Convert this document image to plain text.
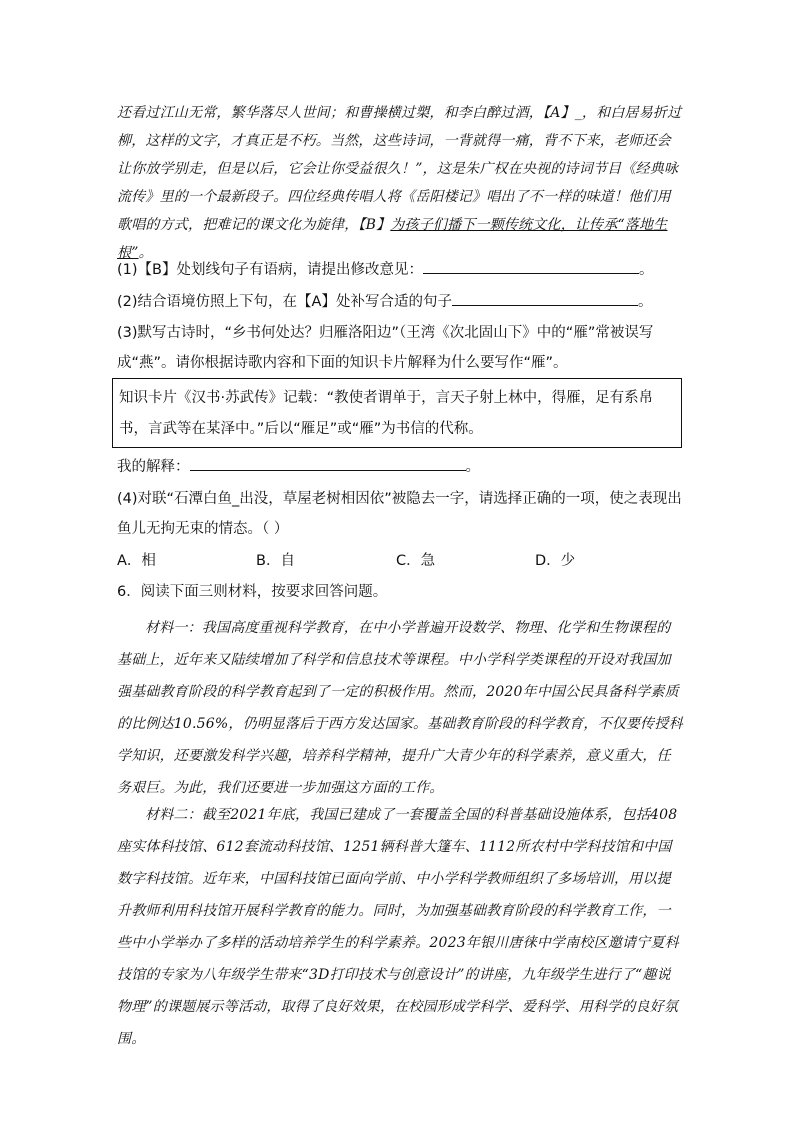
还看过江山无常，繁华落尽人世间；和曹操横过槊，和李白醉过酒，【A】_，和白居易折过柳，这样的文字，才真正是不朽。当然，这些诗词，一背就得一痛，背不下来，老师还会让你放学别走，但是以后，它会让你受益很久！”，这是朱广权在央视的诗词节目《经典咏流传》里的一个最新段子。四位经典传唱人将《岳阳楼记》唱出了不一样的味道！他们用歌唱的方式，把难记的课文化为旋律，【B】为孩子们播下一颗传统文化，让传承“落地生根”。

(1)【B】处划线句子有语病，请提出修改意见：	。

(2)结合语境仿照上下句，在【A】处补写合适的句子	。

(3)默写古诗时，“乡书何处达？归雁洛阳边”（王湾《次北固山下》中的“雁”常被误写成“燕”。请你根据诗歌内容和下面的知识卡片解释为什么要写作“雁”。

知识卡片《汉书·苏武传》记载：“教使者谓单于，言天子射上林中，得雁，足有系帛书，言武等在某泽中。”后以“雁足”或“雁”为书信的代称。

我的解释：	。

(4)对联“石潭白鱼_出没，草屋老树相因依”被隐去一字，请选择正确的一项，使之表现出鱼儿无拘无束的情态。（ ）

A．相	B．自	C．急	D．少

6．阅读下面三则材料，按要求回答问题。

材料一：我国高度重视科学教育，在中小学普遍开设数学、物理、化学和生物课程的基础上，近年来又陆续增加了科学和信息技术等课程。中小学科学类课程的开设对我国加强基础教育阶段的科学教育起到了一定的积极作用。然而，2020年中国公民具备科学素质的比例达10.56%，仍明显落后于西方发达国家。基础教育阶段的科学教育，不仅要传授科学知识，还要激发科学兴趣，培养科学精神，提升广大青少年的科学素养，意义重大，任务艰巨。为此，我们还要进一步加强这方面的工作。

材料二：截至2021年底，我国已建成了一套覆盖全国的科普基础设施体系，包括408座实体科技馆、612套流动科技馆、1251辆科普大篷车、1112所农村中学科技馆和中国数字科技馆。近年来，中国科技馆已面向学前、中小学科学教师组织了多场培训，用以提升教师利用科技馆开展科学教育的能力。同时，为加强基础教育阶段的科学教育工作，一些中小学举办了多样的活动培养学生的科学素养。2023年银川唐徕中学南校区邀请宁夏科技馆的专家为八年级学生带来“3D打印技术与创意设计”的讲座，九年级学生进行了“趣说物理”的课题展示等活动，取得了良好效果，在校园形成学科学、爱科学、用科学的良好氛围。
